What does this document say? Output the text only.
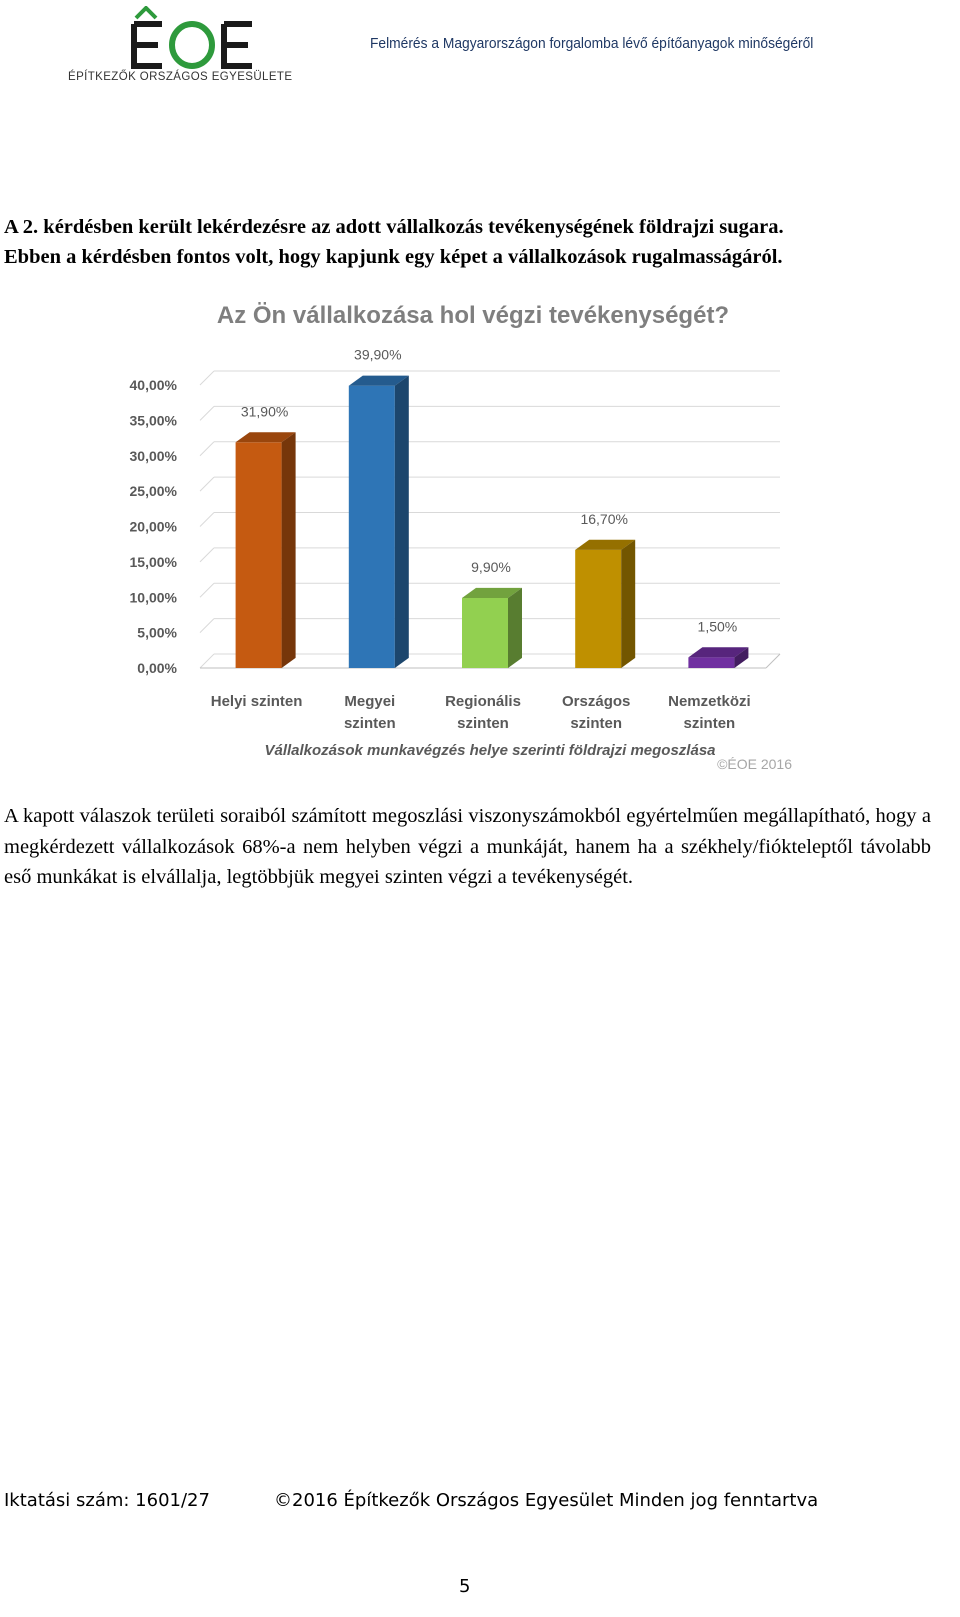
ÉPÍTKEZŐK ORSZÁGOS EGYESÜLETE
Felmérés a Magyarországon forgalomba lévő építőanyagok minőségéről

A 2. kérdésben került lekérdezésre az adott vállalkozás tevékenységének földrajzi sugara.

Ebben a kérdésben fontos volt, hogy kapjunk egy képet a vállalkozások rugalmasságáról.

Az Ön vállalkozása hol végzi tevékenységét?
0,00%
5,00%
10,00%
15,00%
20,00%
25,00%
30,00%
35,00%
40,00%
31,90%
39,90%
9,90%
16,70%
1,50%
Helyi szinten	Megyei
szinten
Regionális
szinten
Országos
szinten
Nemzetközi
szinten
Vállalkozások munkavégzés helye szerinti földrajzi megoszlása
©ÉOE 2016

A kapott válaszok területi soraiból számított megoszlási viszonyszámokból egyértelműen megállapítható, hogy a megkérdezett vállalkozások 68%-a nem helyben végzi a munkáját, hanem ha a székhely/fiókteleptől távolabb eső munkákat is elvállalja, legtöbbjük megyei szinten végzi a tevékenységét.

Iktatási szám: 1601/27	©2016 Építkezők Országos Egyesület Minden jog fenntartva
5
